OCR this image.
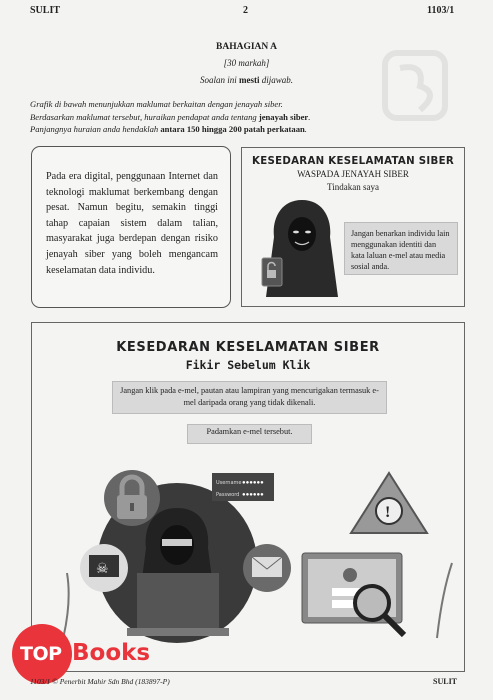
SULIT	2	1103/1
BAHAGIAN A
[30 markah]
Soalan ini mesti dijawab.
Grafik di bawah menunjukkan maklumat berkaitan dengan jenayah siber.
Berdasarkan maklumat tersebut, huraikan pendapat anda tentang jenayah siber.
Panjangnya huraian anda hendaklah antara 150 hingga 200 patah perkataan.

Pada era digital, penggunaan Internet dan teknologi maklumat berkembang dengan pesat. Namun begitu, semakin tinggi tahap capaian sistem dalam talian, masyarakat juga berdepan dengan risiko jenayah siber yang boleh mengancam keselamatan data individu.

KESEDARAN KESELAMATAN SIBER
WASPADA JENAYAH SIBER
Tindakan saya
Jangan benarkan individu lain menggunakan identiti dan kata laluan e-mel atau media sosial anda.
KESEDARAN KESELAMATAN SIBER
Fikir Sebelum Klik
Jangan klik pada e-mel, pautan atau lampiran yang mencurigakan termasuk e-mel daripada orang yang tidak dikenali.
Padamkan e-mel tersebut.
Username
Password
●●●●●●
●●●●●●
☠
!
TOP Books
1103/1 © Penerbit Mahir Sdn Bhd (183897-P)	SULIT
